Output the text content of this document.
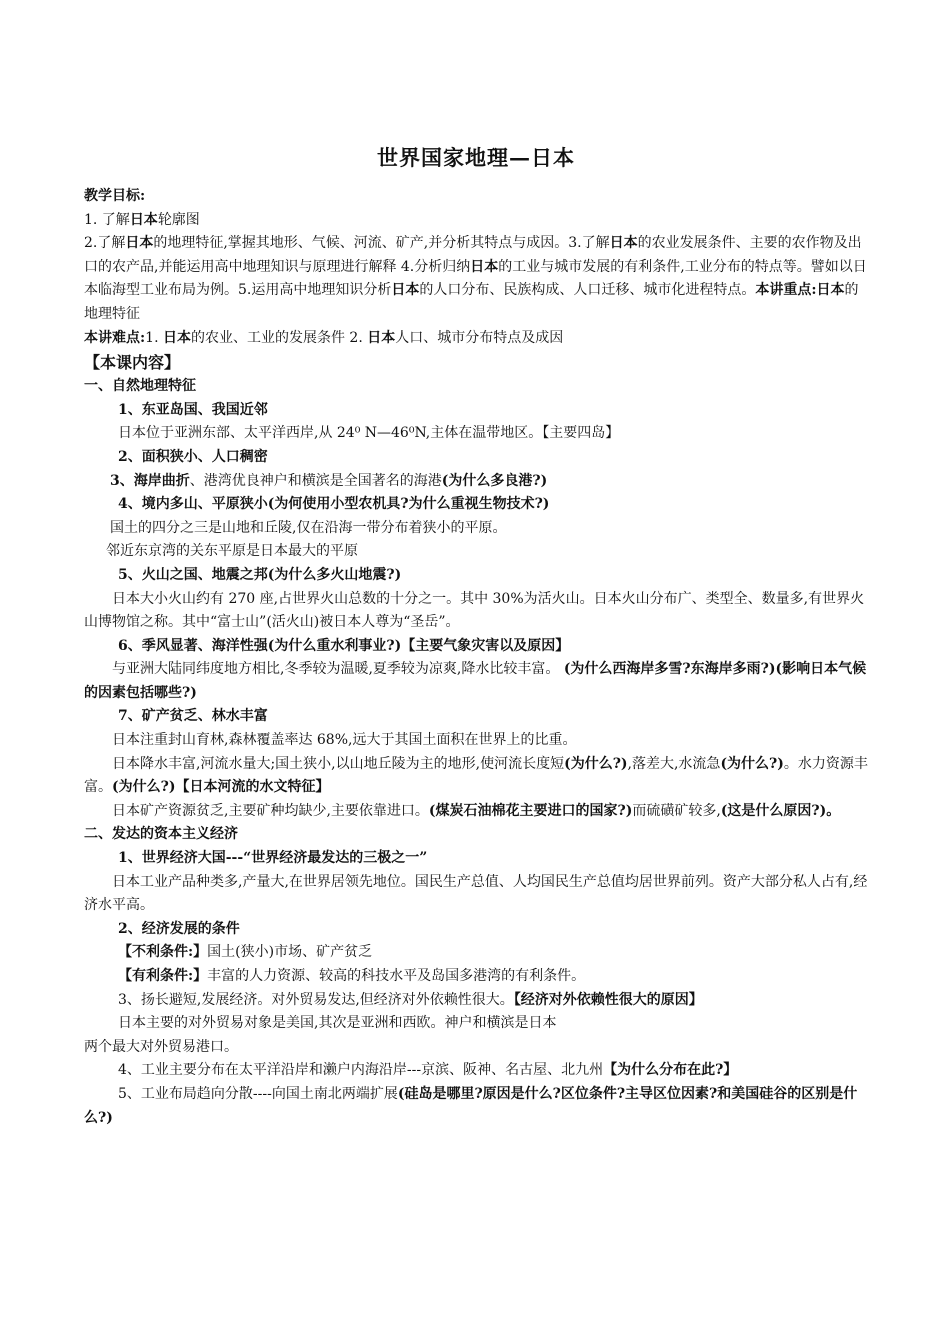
世界国家地理—日本

教学目标:

1. 了解日本轮廓图

2.了解日本的地理特征,掌握其地形、气候、河流、矿产,并分析其特点与成因。3.了解日本的农业发展条件、主要的农作物及出口的农产品,并能运用高中地理知识与原理进行解释 4.分析归纳日本的工业与城市发展的有利条件,工业分布的特点等。譬如以日本临海型工业布局为例。5.运用高中地理知识分析日本的人口分布、民族构成、人口迁移、城市化进程特点。本讲重点:日本的地理特征

本讲难点:1. 日本的农业、工业的发展条件 2. 日本人口、城市分布特点及成因

【本课内容】

一、自然地理特征

1、东亚岛国、我国近邻

日本位于亚洲东部、太平洋西岸,从 24⁰ N—46⁰N,主体在温带地区。【主要四岛】

2、面积狭小、人口稠密

3、海岸曲折、港湾优良神户和横滨是全国著名的海港(为什么多良港?)

4、境内多山、平原狭小(为何使用小型农机具?为什么重视生物技术?)

国土的四分之三是山地和丘陵,仅在沿海一带分布着狭小的平原。

邻近东京湾的关东平原是日本最大的平原

5、火山之国、地震之邦(为什么多火山地震?)

日本大小火山约有 270 座,占世界火山总数的十分之一。其中 30%为活火山。日本火山分布广、类型全、数量多,有世界火山博物馆之称。其中“富士山”(活火山)被日本人尊为“圣岳”。

6、季风显著、海洋性强(为什么重水利事业?)【主要气象灾害以及原因】

与亚洲大陆同纬度地方相比,冬季较为温暖,夏季较为凉爽,降水比较丰富。 (为什么西海岸多雪?东海岸多雨?)(影响日本气候的因素包括哪些?)

7、矿产贫乏、林水丰富

日本注重封山育林,森林覆盖率达 68%,远大于其国土面积在世界上的比重。

日本降水丰富,河流水量大;国土狭小,以山地丘陵为主的地形,使河流长度短(为什么?),落差大,水流急(为什么?)。水力资源丰富。(为什么?)【日本河流的水文特征】

日本矿产资源贫乏,主要矿种均缺少,主要依靠进口。(煤炭石油棉花主要进口的国家?)而硫磺矿较多,(这是什么原因?)。

二、发达的资本主义经济

1、世界经济大国---“世界经济最发达的三极之一”

日本工业产品种类多,产量大,在世界居领先地位。国民生产总值、人均国民生产总值均居世界前列。资产大部分私人占有,经济水平高。

2、经济发展的条件

【不利条件:】国土(狭小)市场、矿产贫乏

【有利条件:】丰富的人力资源、较高的科技水平及岛国多港湾的有利条件。

3、扬长避短,发展经济。对外贸易发达,但经济对外依赖性很大。【经济对外依赖性很大的原因】

日本主要的对外贸易对象是美国,其次是亚洲和西欧。神户和横滨是日本

两个最大对外贸易港口。

4、工业主要分布在太平洋沿岸和濑户内海沿岸---京滨、阪神、名古屋、北九州【为什么分布在此?】

5、工业布局趋向分散----向国土南北两端扩展(硅岛是哪里?原因是什么?区位条件?主导区位因素?和美国硅谷的区别是什么?)
